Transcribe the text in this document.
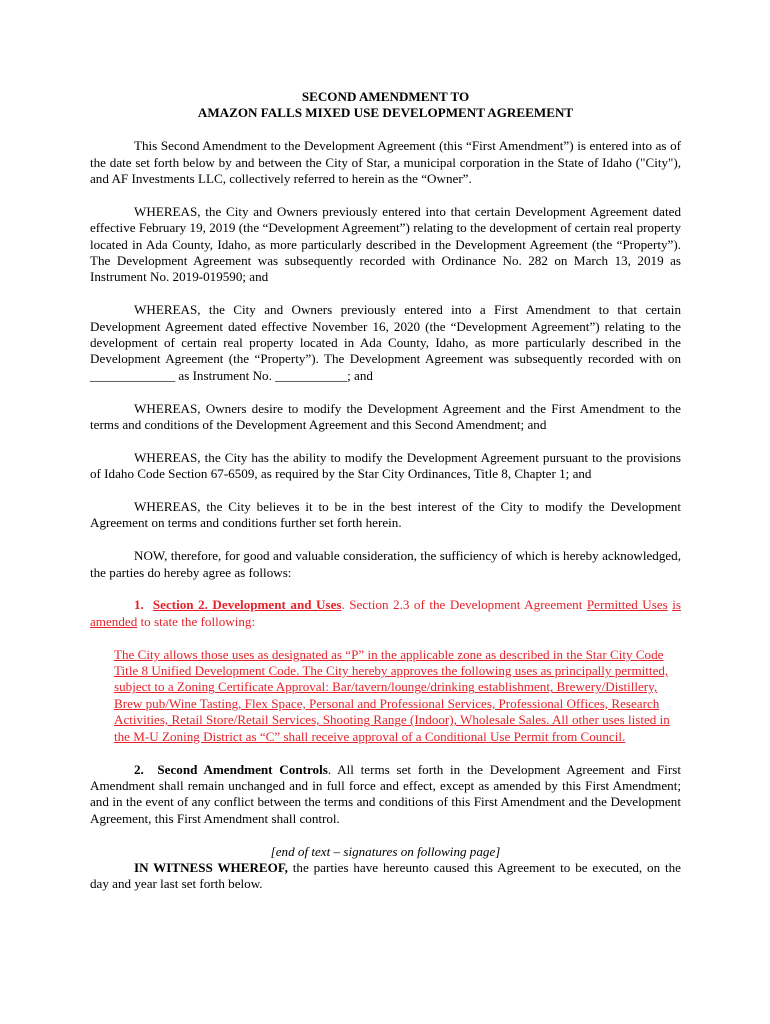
SECOND AMENDMENT TO

AMAZON FALLS MIXED USE DEVELOPMENT AGREEMENT

This Second Amendment to the Development Agreement (this “First Amendment”) is entered into as of the date set forth below by and between the City of Star, a municipal corporation in the State of Idaho ("City"), and AF Investments LLC, collectively referred to herein as the “Owner”.

WHEREAS, the City and Owners previously entered into that certain Development Agreement dated effective February 19, 2019 (the “Development Agreement”) relating to the development of certain real property located in Ada County, Idaho, as more particularly described in the Development Agreement (the “Property”). The Development Agreement was subsequently recorded with Ordinance No. 282 on March 13, 2019 as Instrument No. 2019-019590; and

WHEREAS, the City and Owners previously entered into a First Amendment to that certain Development Agreement dated effective November 16, 2020 (the “Development Agreement”) relating to the development of certain real property located in Ada County, Idaho, as more particularly described in the Development Agreement (the “Property”). The Development Agreement was subsequently recorded with on _____________ as Instrument No. ___________; and

WHEREAS, Owners desire to modify the Development Agreement and the First Amendment to the terms and conditions of the Development Agreement and this Second Amendment; and

WHEREAS, the City has the ability to modify the Development Agreement pursuant to the provisions of Idaho Code Section 67-6509, as required by the Star City Ordinances, Title 8, Chapter 1; and

WHEREAS, the City believes it to be in the best interest of the City to modify the Development Agreement on terms and conditions further set forth herein.

NOW, therefore, for good and valuable consideration, the sufficiency of which is hereby acknowledged, the parties do hereby agree as follows:

1. Section 2. Development and Uses. Section 2.3 of the Development Agreement Permitted Uses is amended to state the following:

The City allows those uses as designated as “P” in the applicable zone as described in the Star City Code Title 8 Unified Development Code. The City hereby approves the following uses as principally permitted, subject to a Zoning Certificate Approval: Bar/tavern/lounge/drinking establishment, Brewery/Distillery, Brew pub/Wine Tasting, Flex Space, Personal and Professional Services, Professional Offices, Research Activities, Retail Store/Retail Services, Shooting Range (Indoor), Wholesale Sales. All other uses listed in the M-U Zoning District as “C” shall receive approval of a Conditional Use Permit from Council.

2. Second Amendment Controls. All terms set forth in the Development Agreement and First Amendment shall remain unchanged and in full force and effect, except as amended by this First Amendment; and in the event of any conflict between the terms and conditions of this First Amendment and the Development Agreement, this First Amendment shall control.

[end of text – signatures on following page]

IN WITNESS WHEREOF, the parties have hereunto caused this Agreement to be executed, on the day and year last set forth below.
